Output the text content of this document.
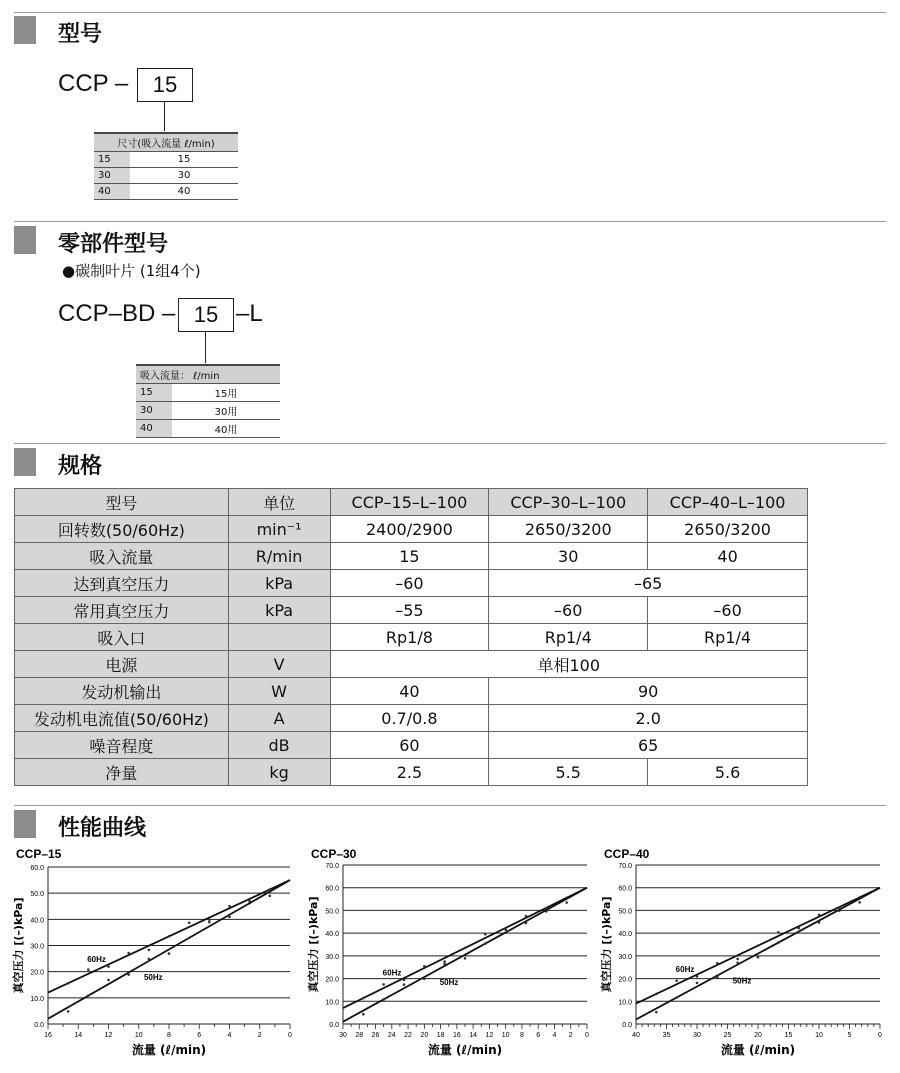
型号
CCP –	15
尺寸(吸入流量 ℓ/min)	
15	15
30	30
40	40
零部件型号
●碳制叶片 (1组4个)
CCP–BD – 15 –L
吸入流量： ℓ/min	
15	15用
30	30用
40	40用
规格
型号	单位	CCP–15–L–100	CCP–30–L–100	CCP–40–L–100
回转数(50/60Hz)	min⁻¹	2400/2900	2650/3200	2650/3200
吸入流量	R/min	15	30	40
达到真空压力	kPa	–60	–65	
常用真空压力	kPa	–55	–60	–60
吸入口		Rp1/8	Rp1/4	Rp1/4
电源	V	单相100		
发动机输出	W	40	90	
发动机电流值(50/60Hz)	A	0.7/0.8	2.0	
噪音程度	dB	60	65	
净量	kg	2.5	5.5	5.6
性能曲线
CCP–15
0.0
10.0
20.0
30.0
40.0
50.0
60.0
16	14	12	10	8	6	4	2	0
流量 (ℓ/min)
真空压力 [(–)kPa]	60Hz
50Hz
CCP–30
0.0
10.0
20.0
30.0
40.0
50.0
60.0
70.0
30 28 26 24 22 20 18 16 14 12 10 8 6 4 2 0
流量 (ℓ/min)
真空压力 [(–)kPa]	60Hz
50Hz
CCP–40
0.0
10.0
20.0
30.0
40.0
50.0
60.0
70.0
40	35	30	25	20	15	10	5	0
流量 (ℓ/min)
真空压力 [(–)kPa]	60Hz
50Hz
